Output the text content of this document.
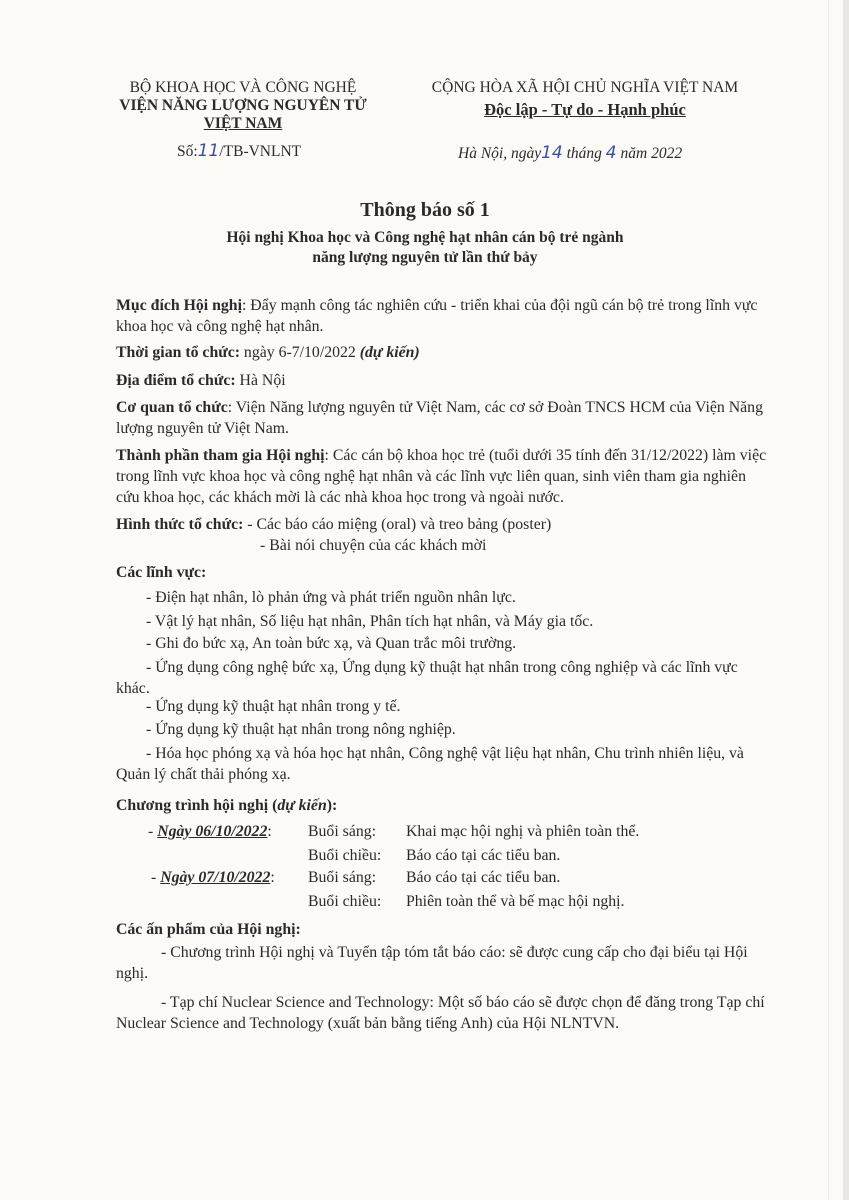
BỘ KHOA HỌC VÀ CÔNG NGHỆ
VIỆN NĂNG LƯỢNG NGUYÊN TỬ
VIỆT NAM
Số:11/TB-VNLNT
CỘNG HÒA XÃ HỘI CHỦ NGHĨA VIỆT NAM
Độc lập - Tự do - Hạnh phúc
Hà Nội, ngày14 tháng 4 năm 2022
Thông báo số 1
Hội nghị Khoa học và Công nghệ hạt nhân cán bộ trẻ ngành
năng lượng nguyên tử lần thứ bảy
Mục đích Hội nghị: Đẩy mạnh công tác nghiên cứu - triển khai của đội ngũ cán bộ trẻ trong lĩnh vực khoa học và công nghệ hạt nhân.
Thời gian tổ chức: ngày 6-7/10/2022 (dự kiến)
Địa điểm tổ chức: Hà Nội
Cơ quan tổ chức: Viện Năng lượng nguyên tử Việt Nam, các cơ sở Đoàn TNCS HCM của Viện Năng lượng nguyên tử Việt Nam.
Thành phần tham gia Hội nghị: Các cán bộ khoa học trẻ (tuổi dưới 35 tính đến 31/12/2022) làm việc trong lĩnh vực khoa học và công nghệ hạt nhân và các lĩnh vực liên quan, sinh viên tham gia nghiên cứu khoa học, các khách mời là các nhà khoa học trong và ngoài nước.
Hình thức tổ chức: - Các báo cáo miệng (oral) và treo bảng (poster)
- Bài nói chuyện của các khách mời
Các lĩnh vực:
- Điện hạt nhân, lò phản ứng và phát triển nguồn nhân lực.
- Vật lý hạt nhân, Số liệu hạt nhân, Phân tích hạt nhân, và Máy gia tốc.
- Ghi đo bức xạ, An toàn bức xạ, và Quan trắc môi trường.
- Ứng dụng công nghệ bức xạ, Ứng dụng kỹ thuật hạt nhân trong công nghiệp và các lĩnh vực khác.
- Ứng dụng kỹ thuật hạt nhân trong y tế.
- Ứng dụng kỹ thuật hạt nhân trong nông nghiệp.
- Hóa học phóng xạ và hóa học hạt nhân, Công nghệ vật liệu hạt nhân, Chu trình nhiên liệu, và Quản lý chất thải phóng xạ.
Chương trình hội nghị (dự kiến):
- Ngày 06/10/2022: Buổi sáng: Khai mạc hội nghị và phiên toàn thể.
Buổi chiều: Báo cáo tại các tiểu ban.
- Ngày 07/10/2022: Buổi sáng: Báo cáo tại các tiểu ban.
Buổi chiều: Phiên toàn thể và bế mạc hội nghị.
Các ấn phẩm của Hội nghị:
- Chương trình Hội nghị và Tuyển tập tóm tắt báo cáo: sẽ được cung cấp cho đại biểu tại Hội nghị.
- Tạp chí Nuclear Science and Technology: Một số báo cáo sẽ được chọn để đăng trong Tạp chí Nuclear Science and Technology (xuất bản bằng tiếng Anh) của Hội NLNTVN.
